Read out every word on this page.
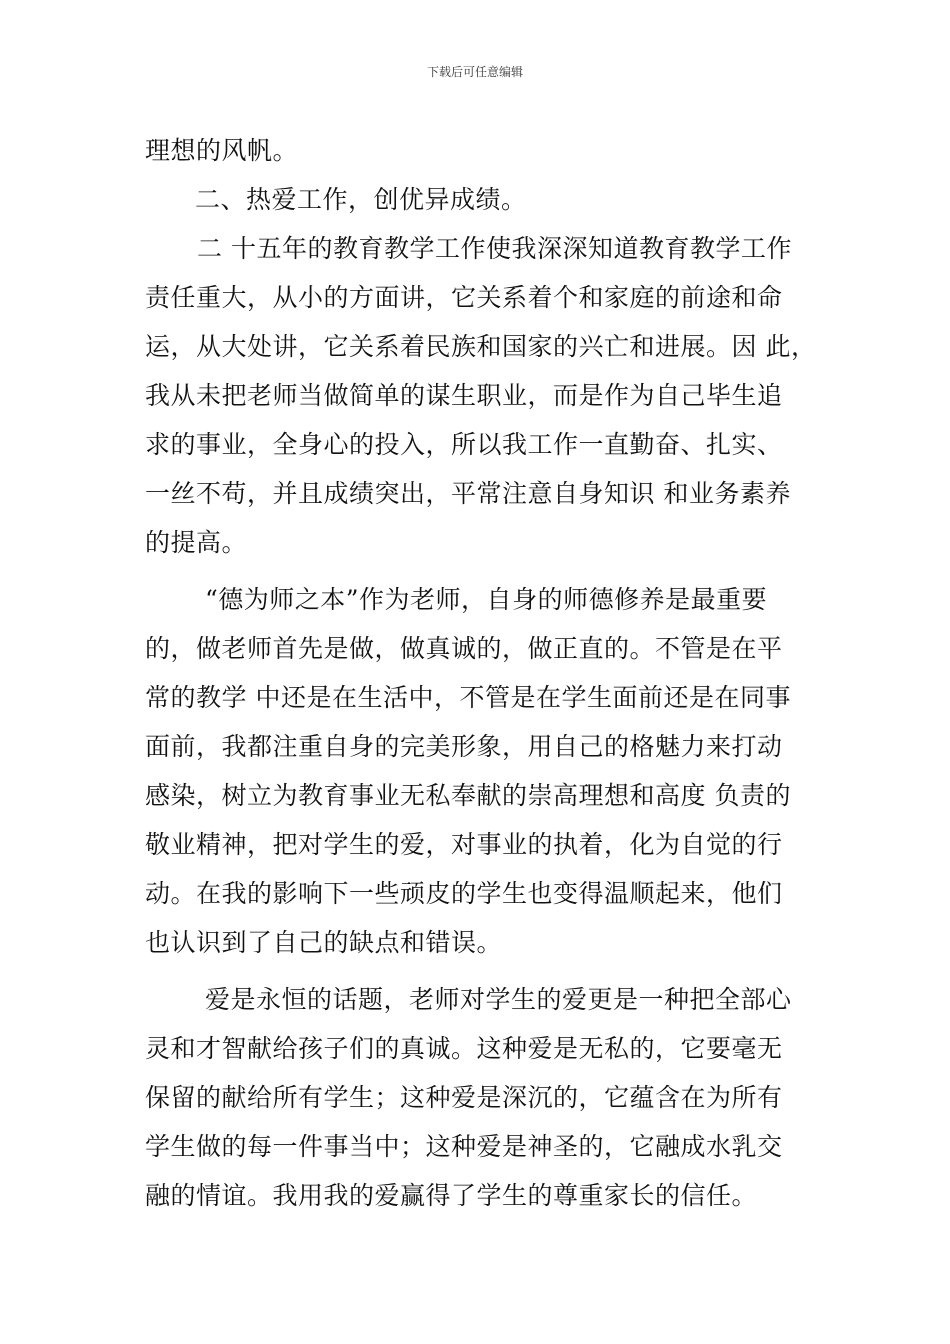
下载后可任意编辑
理想的风帆。
二、热爱工作，创优异成绩。
二 十五年的教育教学工作使我深深知道教育教学工作
责任重大，从小的方面讲，它关系着个和家庭的前途和命
运，从大处讲，它关系着民族和国家的兴亡和进展。因 此，
我从未把老师当做简单的谋生职业，而是作为自己毕生追
求的事业，全身心的投入，所以我工作一直勤奋、扎实、
一丝不苟，并且成绩突出，平常注意自身知识 和业务素养
的提高。
“德为师之本”作为老师，自身的师德修养是最重要
的，做老师首先是做，做真诚的，做正直的。不管是在平
常的教学 中还是在生活中，不管是在学生面前还是在同事
面前，我都注重自身的完美形象，用自己的格魅力来打动
感染，树立为教育事业无私奉献的崇高理想和高度 负责的
敬业精神，把对学生的爱，对事业的执着，化为自觉的行
动。在我的影响下一些顽皮的学生也变得温顺起来，他们
也认识到了自己的缺点和错误。
爱是永恒的话题，老师对学生的爱更是一种把全部心
灵和才智献给孩子们的真诚。这种爱是无私的，它要毫无
保留的献给所有学生；这种爱是深沉的，它蕴含在为所有
学生做的每一件事当中；这种爱是神圣的，它融成水乳交
融的情谊。我用我的爱赢得了学生的尊重家长的信任。
